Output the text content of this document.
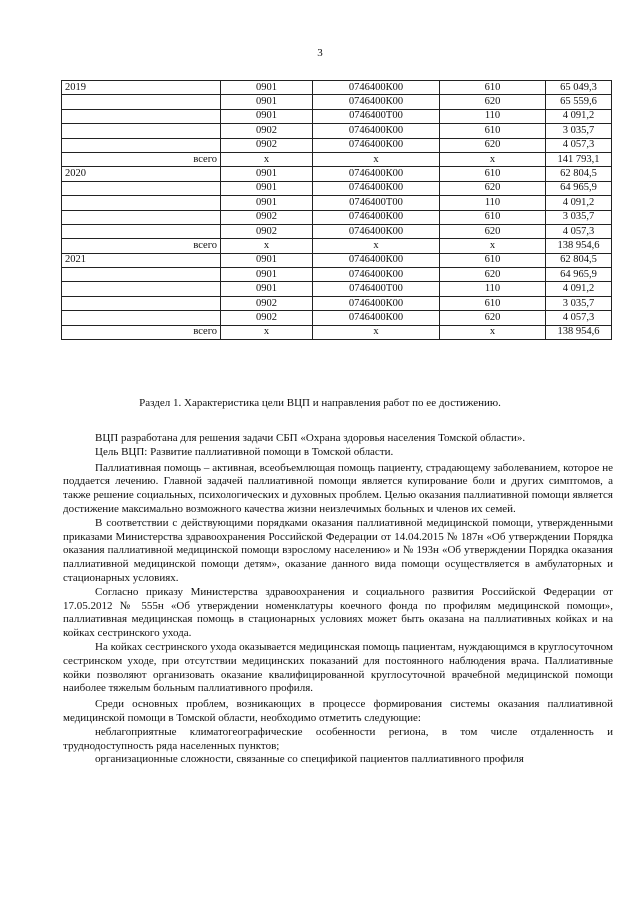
3
2019	0901	0746400К00	610	65 049,3
	0901	0746400К00	620	65 559,6
	0901	0746400Т00	110	4 091,2
	0902	0746400К00	610	3 035,7
	0902	0746400К00	620	4 057,3
всего	х	х	х	141 793,1
2020	0901	0746400К00	610	62 804,5
	0901	0746400К00	620	64 965,9
	0901	0746400Т00	110	4 091,2
	0902	0746400К00	610	3 035,7
	0902	0746400К00	620	4 057,3
всего	х	х	х	138 954,6
2021	0901	0746400К00	610	62 804,5
	0901	0746400К00	620	64 965,9
	0901	0746400Т00	110	4 091,2
	0902	0746400К00	610	3 035,7
	0902	0746400К00	620	4 057,3
всего	х	х	х	138 954,6
Раздел 1. Характеристика цели ВЦП и направления работ по ее достижению.

ВЦП разработана для решения задачи СБП «Охрана здоровья населения Томской области».

Цель ВЦП: Развитие паллиативной помощи в Томской области.

Паллиативная помощь – активная, всеобъемлющая помощь пациенту, страдающему заболеванием, которое не поддается лечению. Главной задачей паллиативной помощи является купирование боли и других симптомов, а также решение социальных, психологических и духовных проблем. Целью оказания паллиативной помощи является достижение максимально возможного качества жизни неизлечимых больных и членов их семей.

В соответствии с действующими порядками оказания паллиативной медицинской помощи, утвержденными приказами Министерства здравоохранения Российской Федерации от 14.04.2015 № 187н «Об утверждении Порядка оказания паллиативной медицинской помощи взрослому населению» и № 193н «Об утверждении Порядка оказания паллиативной медицинской помощи детям», оказание данного вида помощи осуществляется в амбулаторных и стационарных условиях.

Согласно приказу Министерства здравоохранения и социального развития Российской Федерации от 17.05.2012 № 555н «Об утверждении номенклатуры коечного фонда по профилям медицинской помощи», паллиативная медицинская помощь в стационарных условиях может быть оказана на паллиативных койках и на койках сестринского ухода.

На койках сестринского ухода оказывается медицинская помощь пациентам, нуждающимся в круглосуточном сестринском уходе, при отсутствии медицинских показаний для постоянного наблюдения врача. Паллиативные койки позволяют организовать оказание квалифицированной круглосуточной врачебной медицинской помощи наиболее тяжелым больным паллиативного профиля.

Среди основных проблем, возникающих в процессе формирования системы оказания паллиативной медицинской помощи в Томской области, необходимо отметить следующие:

неблагоприятные климатогеографические особенности региона, в том числе отдаленность и труднодоступность ряда населенных пунктов;

организационные сложности, связанные со спецификой пациентов паллиативного профиля
